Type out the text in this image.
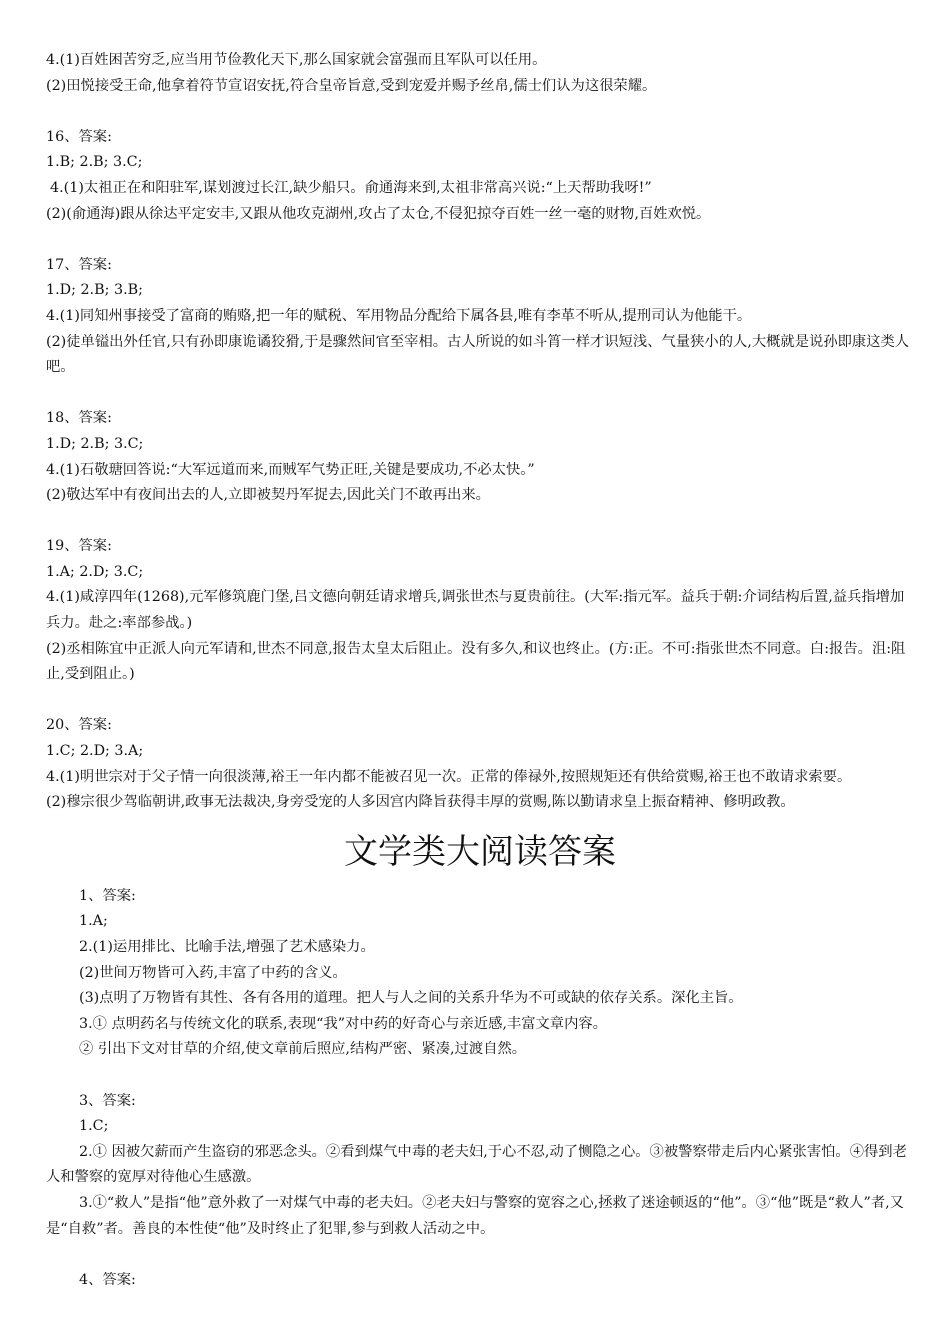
4.(1)百姓困苦穷乏,应当用节俭教化天下,那么国家就会富强而且军队可以任用。
(2)田悦接受王命,他拿着符节宣诏安抚,符合皇帝旨意,受到宠爱并赐予丝帛,儒士们认为这很荣耀。
16、答案:
1.B; 2.B; 3.C;
4.(1)太祖正在和阳驻军,谋划渡过长江,缺少船只。俞通海来到,太祖非常高兴说:“上天帮助我呀!”
(2)(俞通海)跟从徐达平定安丰,又跟从他攻克湖州,攻占了太仓,不侵犯掠夺百姓一丝一毫的财物,百姓欢悦。
17、答案:
1.D; 2.B; 3.B;
4.(1)同知州事接受了富商的贿赂,把一年的赋税、军用物品分配给下属各县,唯有李革不听从,提刑司认为他能干。
(2)徒单镒出外任官,只有孙即康诡谲狡猾,于是骤然间官至宰相。古人所说的如斗筲一样才识短浅、气量狭小的人,大概就是说孙即康这类人吧。
18、答案:
1.D; 2.B; 3.C;
4.(1)石敬瑭回答说:“大军远道而来,而贼军气势正旺,关键是要成功,不必太快。”
(2)敬达军中有夜间出去的人,立即被契丹军捉去,因此关门不敢再出来。
19、答案:
1.A; 2.D; 3.C;
4.(1)咸淳四年(1268),元军修筑鹿门堡,吕文德向朝廷请求增兵,调张世杰与夏贵前往。(大军:指元军。益兵于朝:介词结构后置,益兵指增加兵力。赴之:率部参战。)
(2)丞相陈宜中正派人向元军请和,世杰不同意,报告太皇太后阻止。没有多久,和议也终止。(方:正。不可:指张世杰不同意。白:报告。沮:阻止,受到阻止。)
20、答案:
1.C; 2.D; 3.A;
4.(1)明世宗对于父子情一向很淡薄,裕王一年内都不能被召见一次。正常的俸禄外,按照规矩还有供给赏赐,裕王也不敢请求索要。
(2)穆宗很少驾临朝讲,政事无法裁决,身旁受宠的人多因宫内降旨获得丰厚的赏赐,陈以勤请求皇上振奋精神、修明政教。
文学类大阅读答案
1、答案:
1.A;
2.(1)运用排比、比喻手法,增强了艺术感染力。
(2)世间万物皆可入药,丰富了中药的含义。
(3)点明了万物皆有其性、各有各用的道理。把人与人之间的关系升华为不可或缺的依存关系。深化主旨。
3.① 点明药名与传统文化的联系,表现“我”对中药的好奇心与亲近感,丰富文章内容。
② 引出下文对甘草的介绍,使文章前后照应,结构严密、紧凑,过渡自然。
3、答案:
1.C;
2.① 因被欠薪而产生盗窃的邪恶念头。②看到煤气中毒的老夫妇,于心不忍,动了恻隐之心。③被警察带走后内心紧张害怕。④得到老人和警察的宽厚对待他心生感激。
3.①“救人”是指“他”意外救了一对煤气中毒的老夫妇。②老夫妇与警察的宽容之心,拯救了迷途顿返的“他”。③“他”既是“救人”者,又是“自救”者。善良的本性使“他”及时终止了犯罪,参与到救人活动之中。
4、答案:
